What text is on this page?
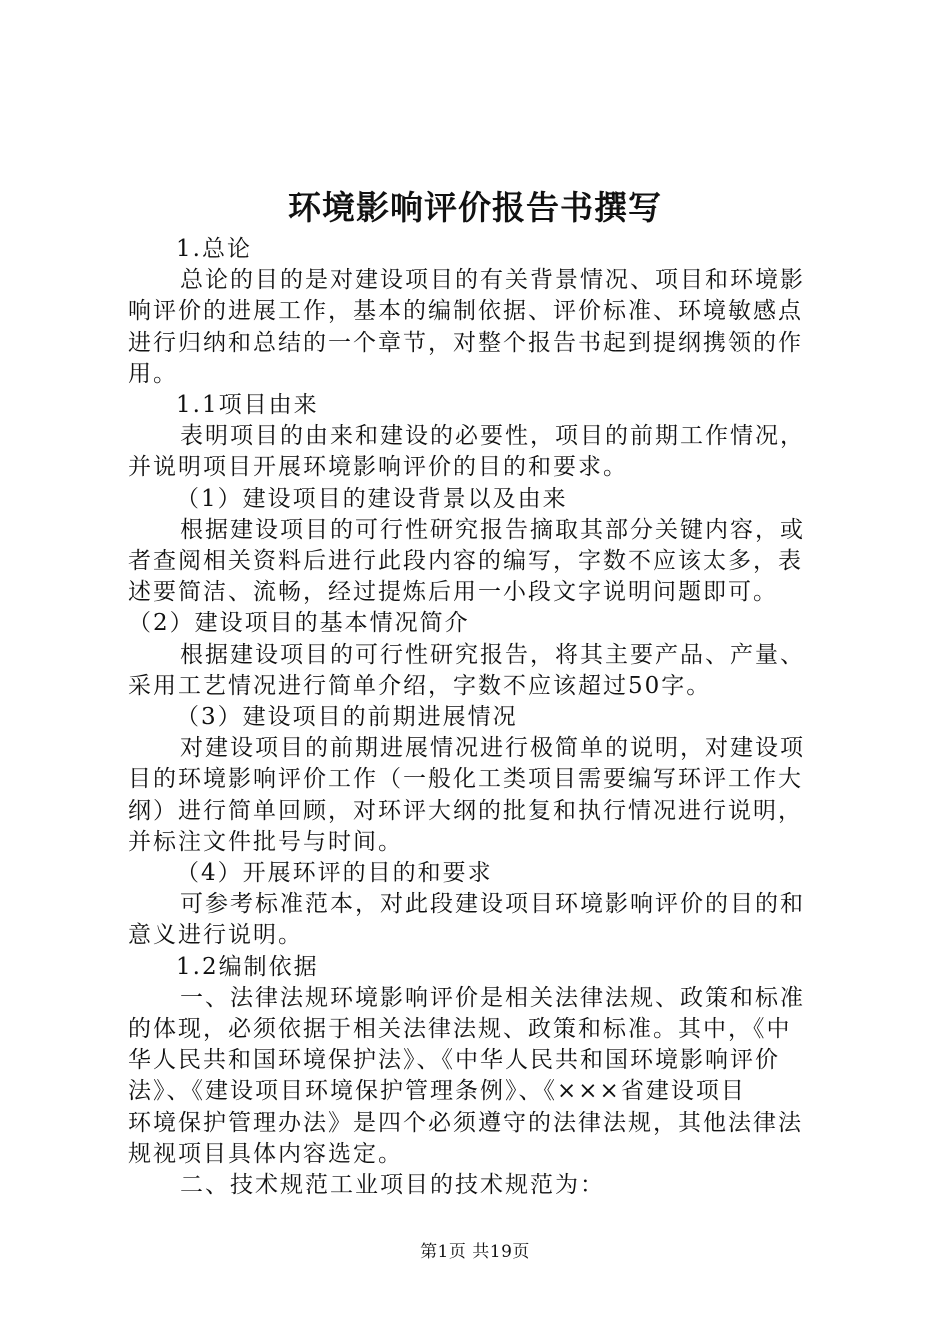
环境影响评价报告书撰写

1.总论

总论的目的是对建设项目的有关背景情况、项目和环境影

响评价的进展工作，基本的编制依据、评价标准、环境敏感点

进行归纳和总结的一个章节，对整个报告书起到提纲携领的作

用。

1.1项目由来

表明项目的由来和建设的必要性，项目的前期工作情况，

并说明项目开展环境影响评价的目的和要求。

（1）建设项目的建设背景以及由来

根据建设项目的可行性研究报告摘取其部分关键内容，或

者查阅相关资料后进行此段内容的编写，字数不应该太多，表

述要简洁、流畅，经过提炼后用一小段文字说明问题即可。

（2）建设项目的基本情况简介

根据建设项目的可行性研究报告，将其主要产品、产量、

采用工艺情况进行简单介绍，字数不应该超过50字。

（3）建设项目的前期进展情况

对建设项目的前期进展情况进行极简单的说明，对建设项

目的环境影响评价工作（一般化工类项目需要编写环评工作大

纲）进行简单回顾，对环评大纲的批复和执行情况进行说明，

并标注文件批号与时间。

（4）开展环评的目的和要求

可参考标准范本，对此段建设项目环境影响评价的目的和

意义进行说明。

1.2编制依据

一、法律法规环境影响评价是相关法律法规、政策和标准

的体现，必须依据于相关法律法规、政策和标准。其中，《中

华人民共和国环境保护法》、《中华人民共和国环境影响评价

法》、《建设项目环境保护管理条例》、《×××省建设项目

环境保护管理办法》是四个必须遵守的法律法规，其他法律法

规视项目具体内容选定。

二、技术规范工业项目的技术规范为：

第1页 共19页
